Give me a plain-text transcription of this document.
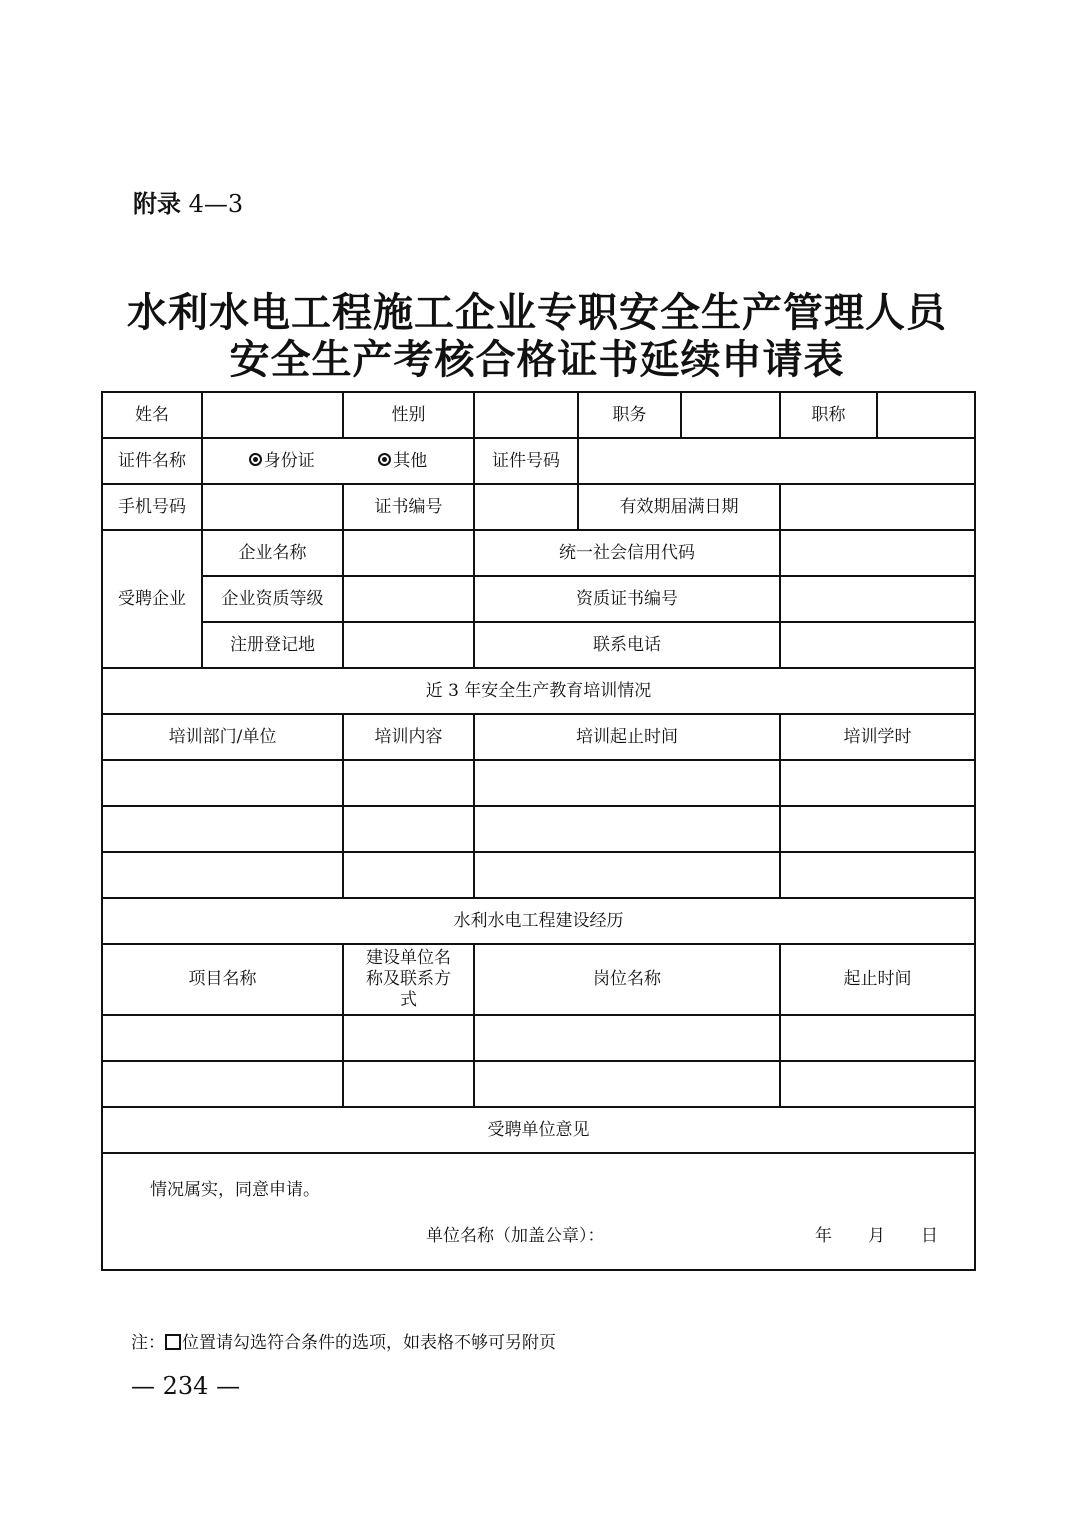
附录 4—3
水利水电工程施工企业专职安全生产管理人员
安全生产考核合格证书延续申请表
姓名		性别		职务		职称	
证件名称	身份证 其他		证件号码				
手机号码		证书编号		有效期届满日期			
受聘企业	企业名称		统一社会信用代码				
	企业资质等级		资质证书编号				
	注册登记地		联系电话				
近 3 年安全生产教育培训情况							
培训部门/单位		培训内容	培训起止时间			培训学时	

水利水电工程建设经历							
项目名称		建设单位名称及联系方式	岗位名称			起止时间	

受聘单位意见							

情况属实，同意申请。
单位名称（加盖公章）： 年 月 日							
注： 位置请勾选符合条件的选项，如表格不够可另附页
— 234 —
